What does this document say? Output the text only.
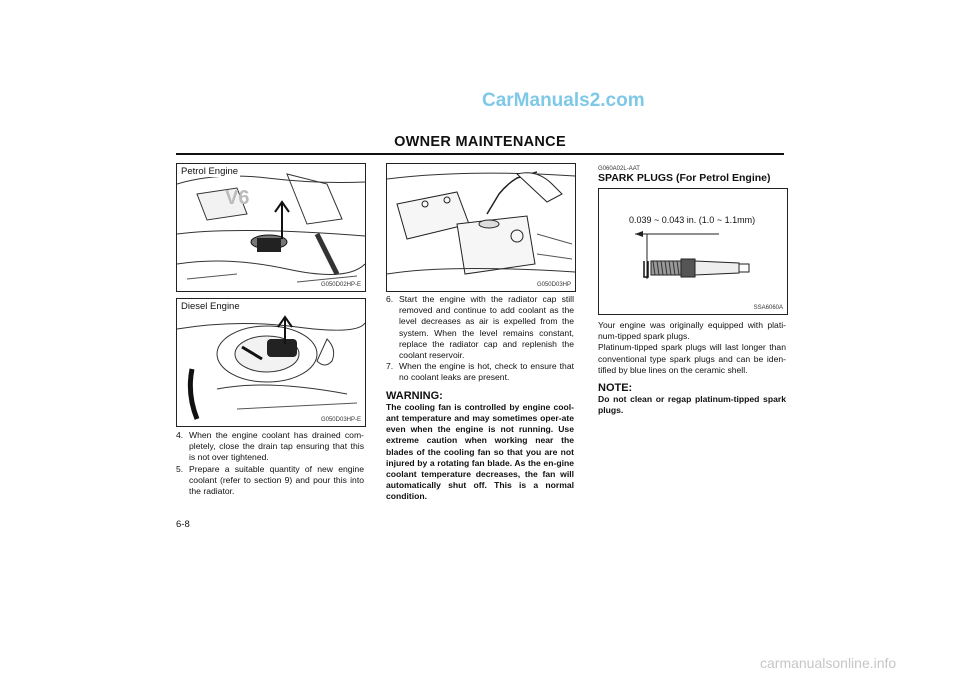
CarManuals2.com
carmanualsonline.info
OWNER MAINTENANCE
V6
Petrol Engine
G050D02HP-E
Diesel Engine
G050D03HP-E
4. When the engine coolant has drained com-pletely, close the drain tap ensuring that this is not over tightened.
5. Prepare a suitable quantity of new engine coolant (refer to section 9) and pour this into the radiator.
G050D03HP
6. Start the engine with the radiator cap still removed and continue to add coolant as the level decreases as air is expelled from the system. When the level remains constant, replace the radiator cap and replenish the coolant reservoir.
7. When the engine is hot, check to ensure that no coolant leaks are present.
WARNING:
The cooling fan is controlled by engine cool-ant temperature and may sometimes oper-ate even when the engine is not running. Use extreme caution when working near the blades of the cooling fan so that you are not injured by a rotating fan blade. As the en-gine coolant temperature decreases, the fan will automatically shut off. This is a normal condition.
G060A02L-AAT
SPARK PLUGS (For Petrol Engine)
0.039 ~ 0.043 in. (1.0 ~ 1.1mm)
SSA6060A
Your engine was originally equipped with plati-num-tipped spark plugs.
Platinum-tipped spark plugs will last longer than conventional type spark plugs and can be iden-tified by blue lines on the ceramic shell.
NOTE:
Do not clean or regap platinum-tipped spark plugs.
6-8
